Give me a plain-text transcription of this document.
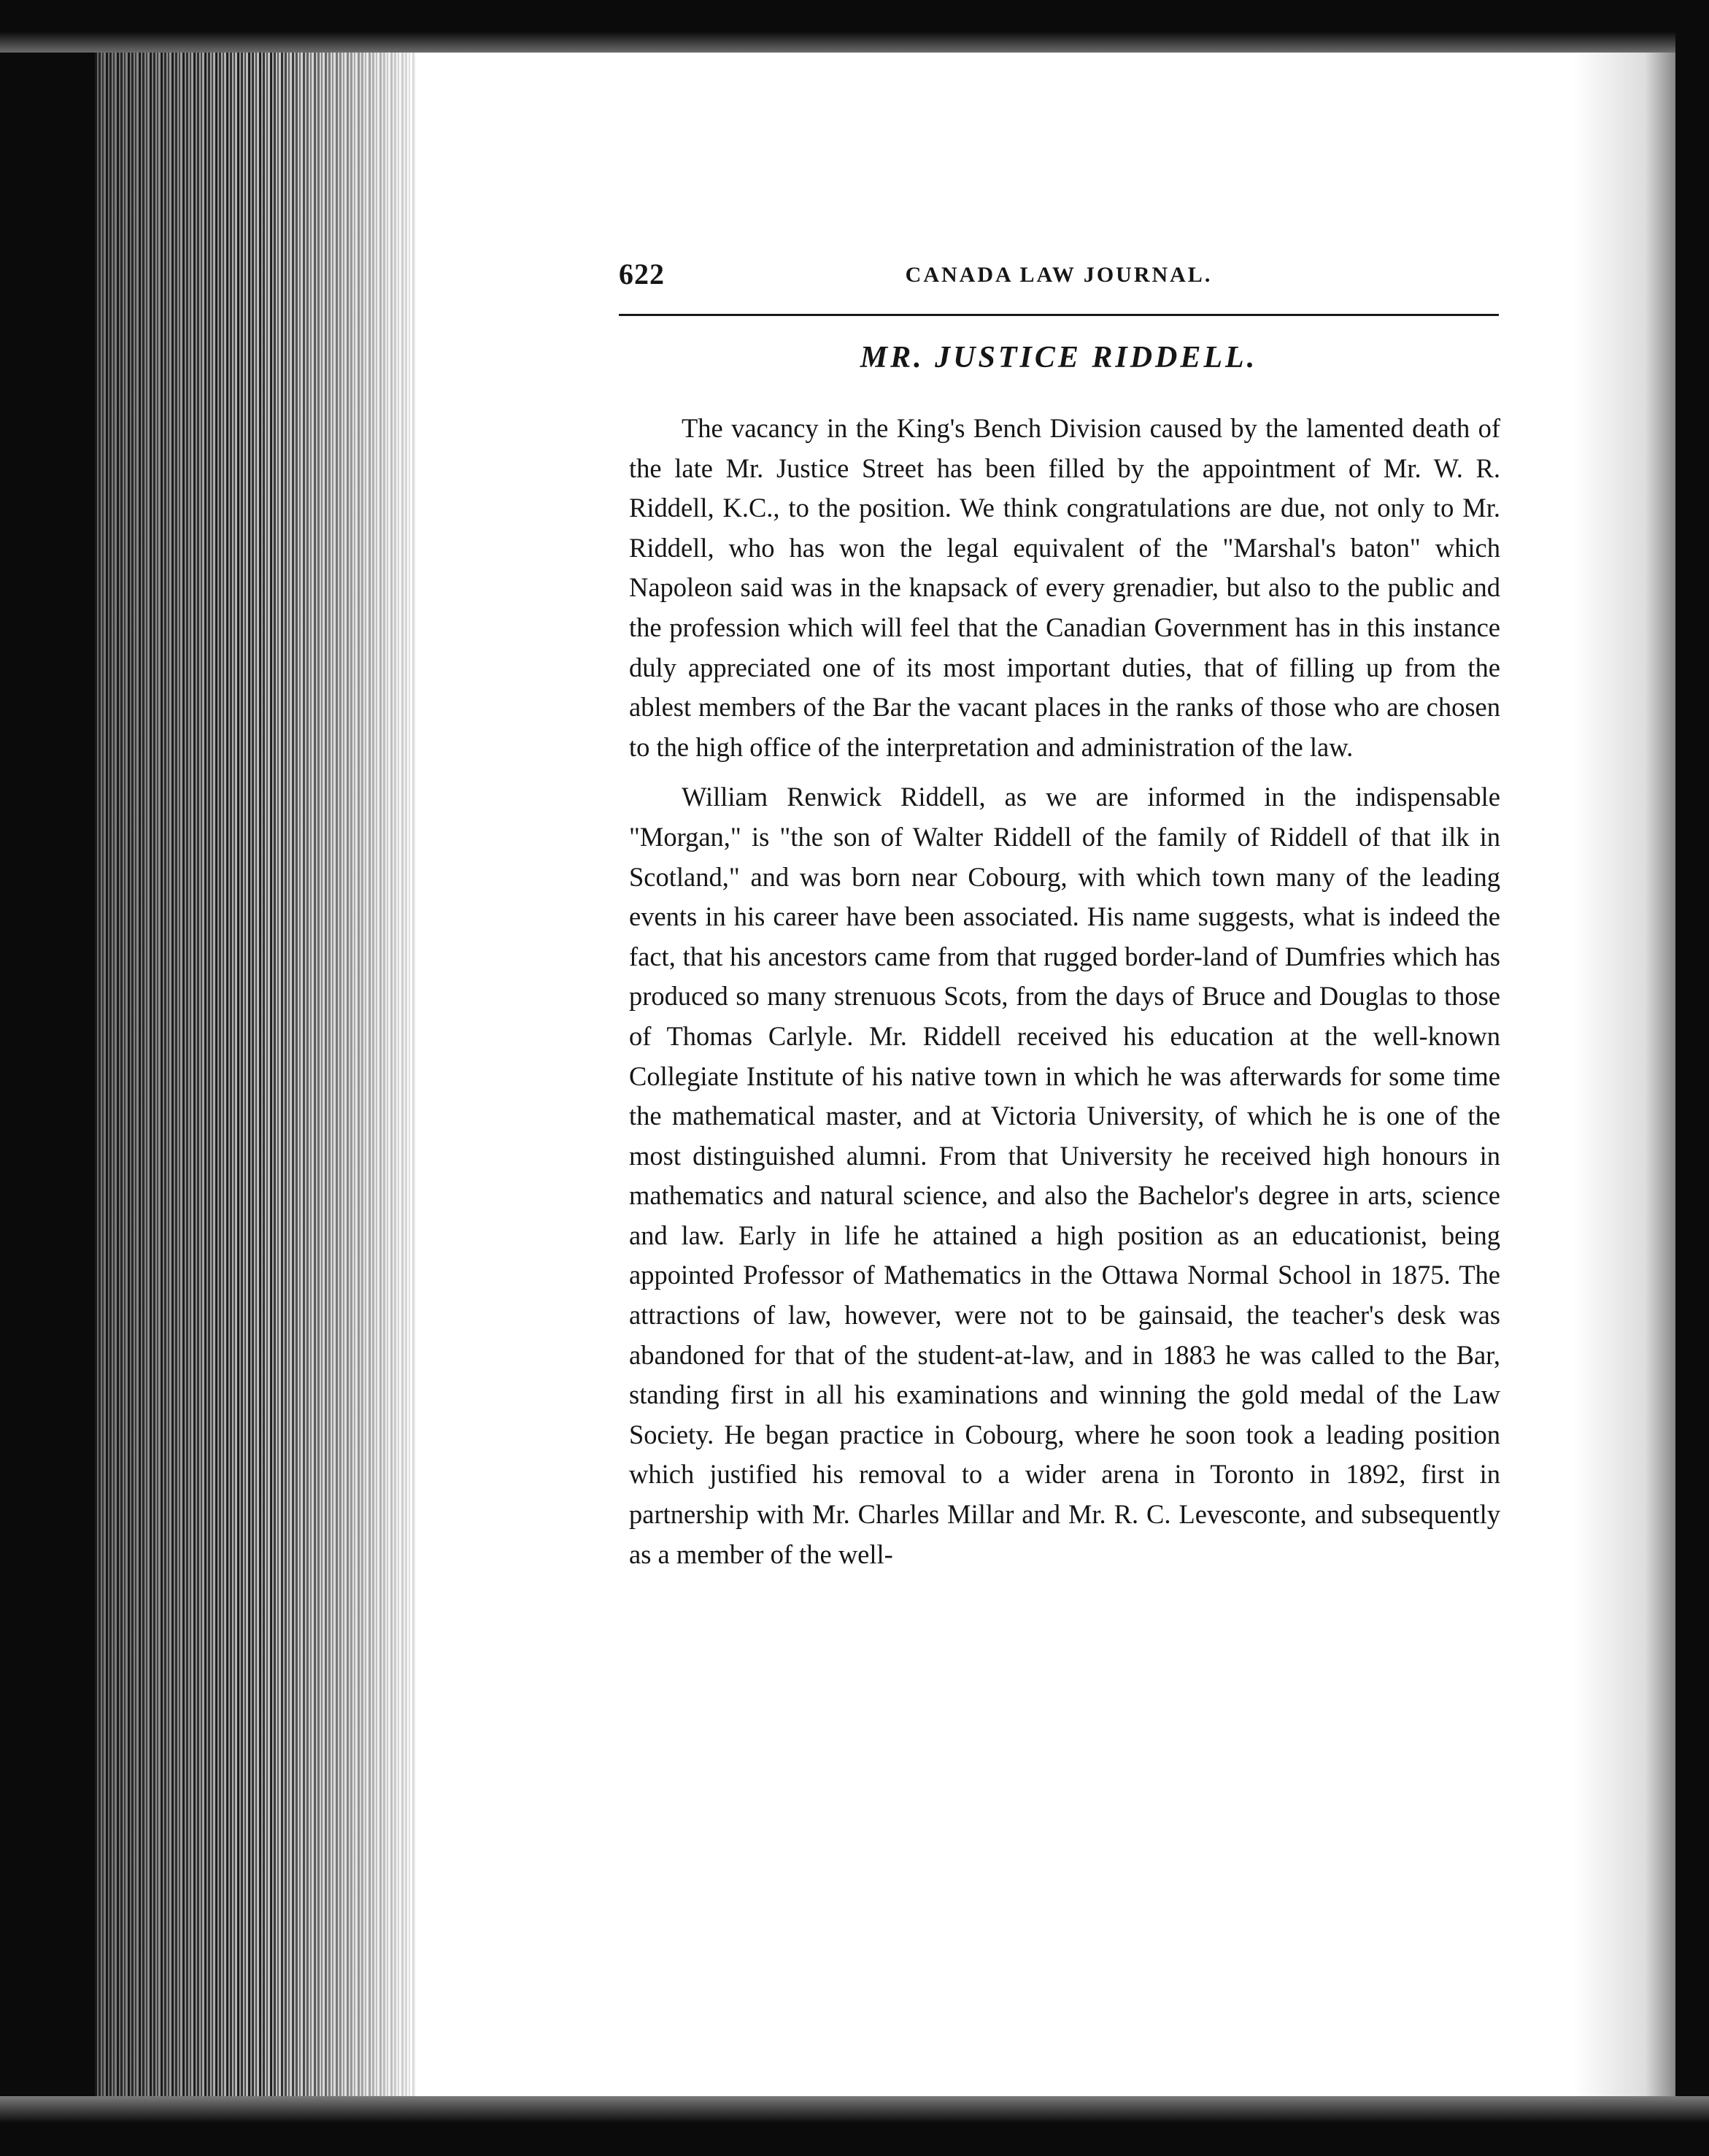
622	CANADA LAW JOURNAL.
MR. JUSTICE RIDDELL.

The vacancy in the King's Bench Division caused by the lamented death of the late Mr. Justice Street has been filled by the appointment of Mr. W. R. Riddell, K.C., to the position. We think congratulations are due, not only to Mr. Riddell, who has won the legal equivalent of the "Marshal's baton" which Napoleon said was in the knapsack of every grenadier, but also to the public and the profession which will feel that the Canadian Government has in this instance duly appreciated one of its most important duties, that of filling up from the ablest members of the Bar the vacant places in the ranks of those who are chosen to the high office of the interpretation and administration of the law.

William Renwick Riddell, as we are informed in the indispensable "Morgan," is "the son of Walter Riddell of the family of Riddell of that ilk in Scotland," and was born near Cobourg, with which town many of the leading events in his career have been associated. His name suggests, what is indeed the fact, that his ancestors came from that rugged border-land of Dumfries which has produced so many strenuous Scots, from the days of Bruce and Douglas to those of Thomas Carlyle. Mr. Riddell received his education at the well-known Collegiate Institute of his native town in which he was afterwards for some time the mathematical master, and at Victoria University, of which he is one of the most distinguished alumni. From that University he received high honours in mathematics and natural science, and also the Bachelor's degree in arts, science and law. Early in life he attained a high position as an educationist, being appointed Professor of Mathematics in the Ottawa Normal School in 1875. The attractions of law, however, were not to be gainsaid, the teacher's desk was abandoned for that of the student-at-law, and in 1883 he was called to the Bar, standing first in all his examinations and winning the gold medal of the Law Society. He began practice in Cobourg, where he soon took a leading position which justified his removal to a wider arena in Toronto in 1892, first in partnership with Mr. Charles Millar and Mr. R. C. Levesconte, and subsequently as a member of the well-
